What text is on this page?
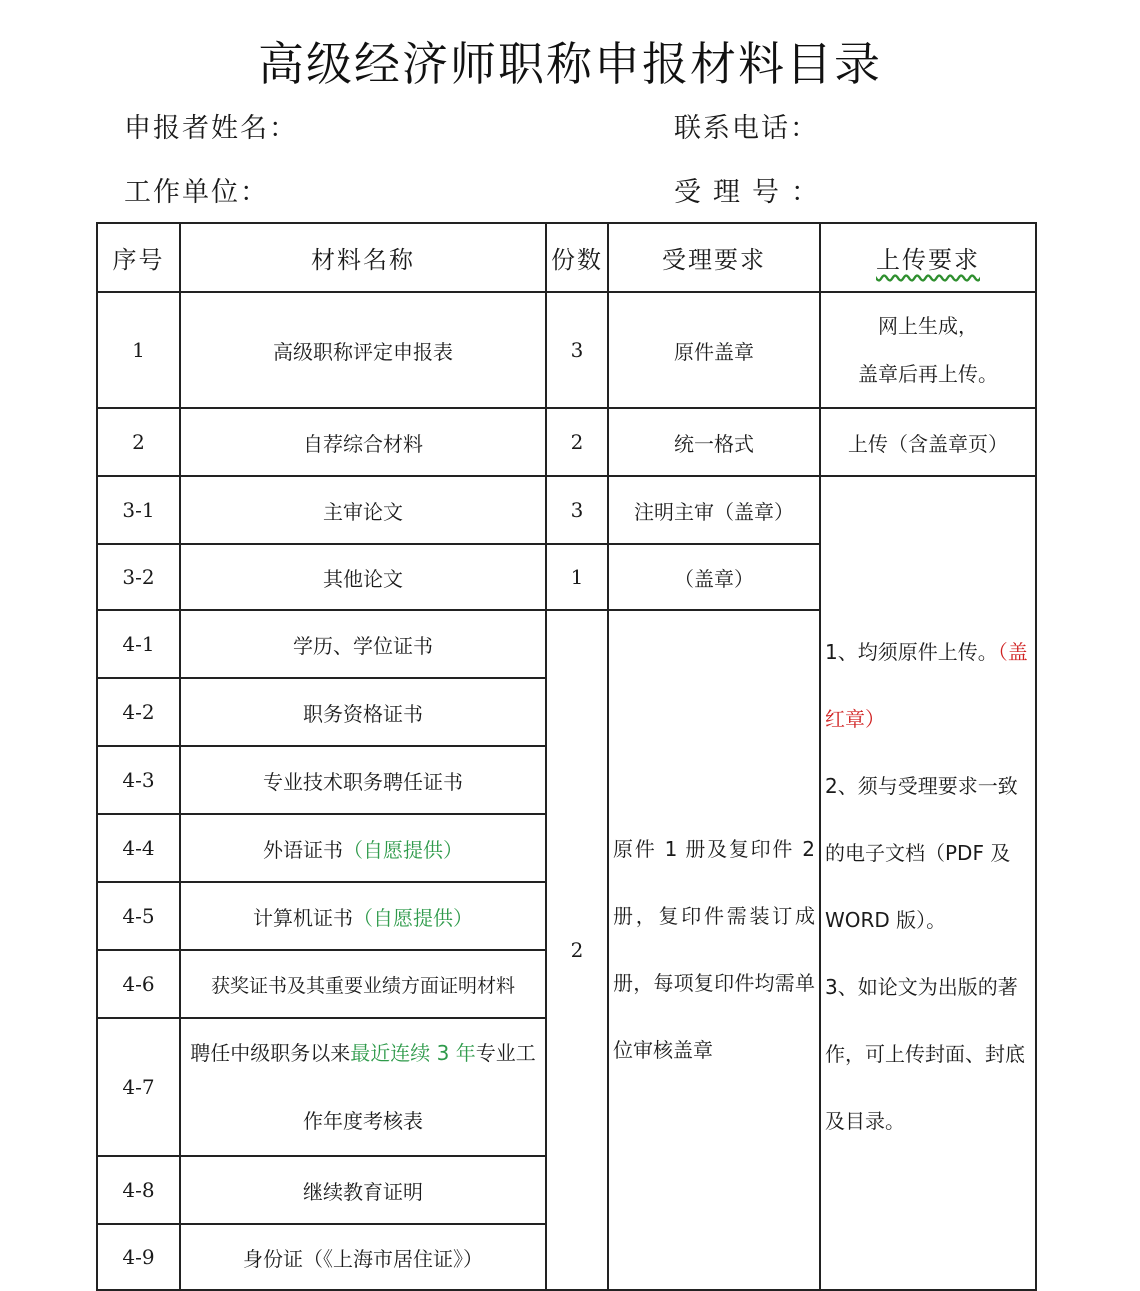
高级经济师职称申报材料目录
申报者姓名：	联系电话：
工作单位：	受理号：
序号	材料名称	份数	受理要求	上传要求
1	高级职称评定申报表	3	原件盖章	网上生成，
盖章后再上传。

2	自荐综合材料	2	统一格式	上传（含盖章页）
3-1	主审论文	3	注明主审（盖章）	1、均须原件上传。（盖红章）
2、须与受理要求一致的电子文档（PDF 及 WORD 版）。
3、如论文为出版的著作，可上传封面、封底及目录。

3-2	其他论文	1	（盖章）	
4-1	学历、学位证书	2	原件 1 册及复印件 2 册，复印件需装订成册，每项复印件均需单位审核盖章	
4-2	职务资格证书			
4-3	专业技术职务聘任证书			
4-4	外语证书（自愿提供）			
4-5	计算机证书（自愿提供）			
4-6	获奖证书及其重要业绩方面证明材料			
4-7	聘任中级职务以来最近连续 3 年专业工作年度考核表			
4-8	继续教育证明			
4-9	身份证（《上海市居住证》）			
